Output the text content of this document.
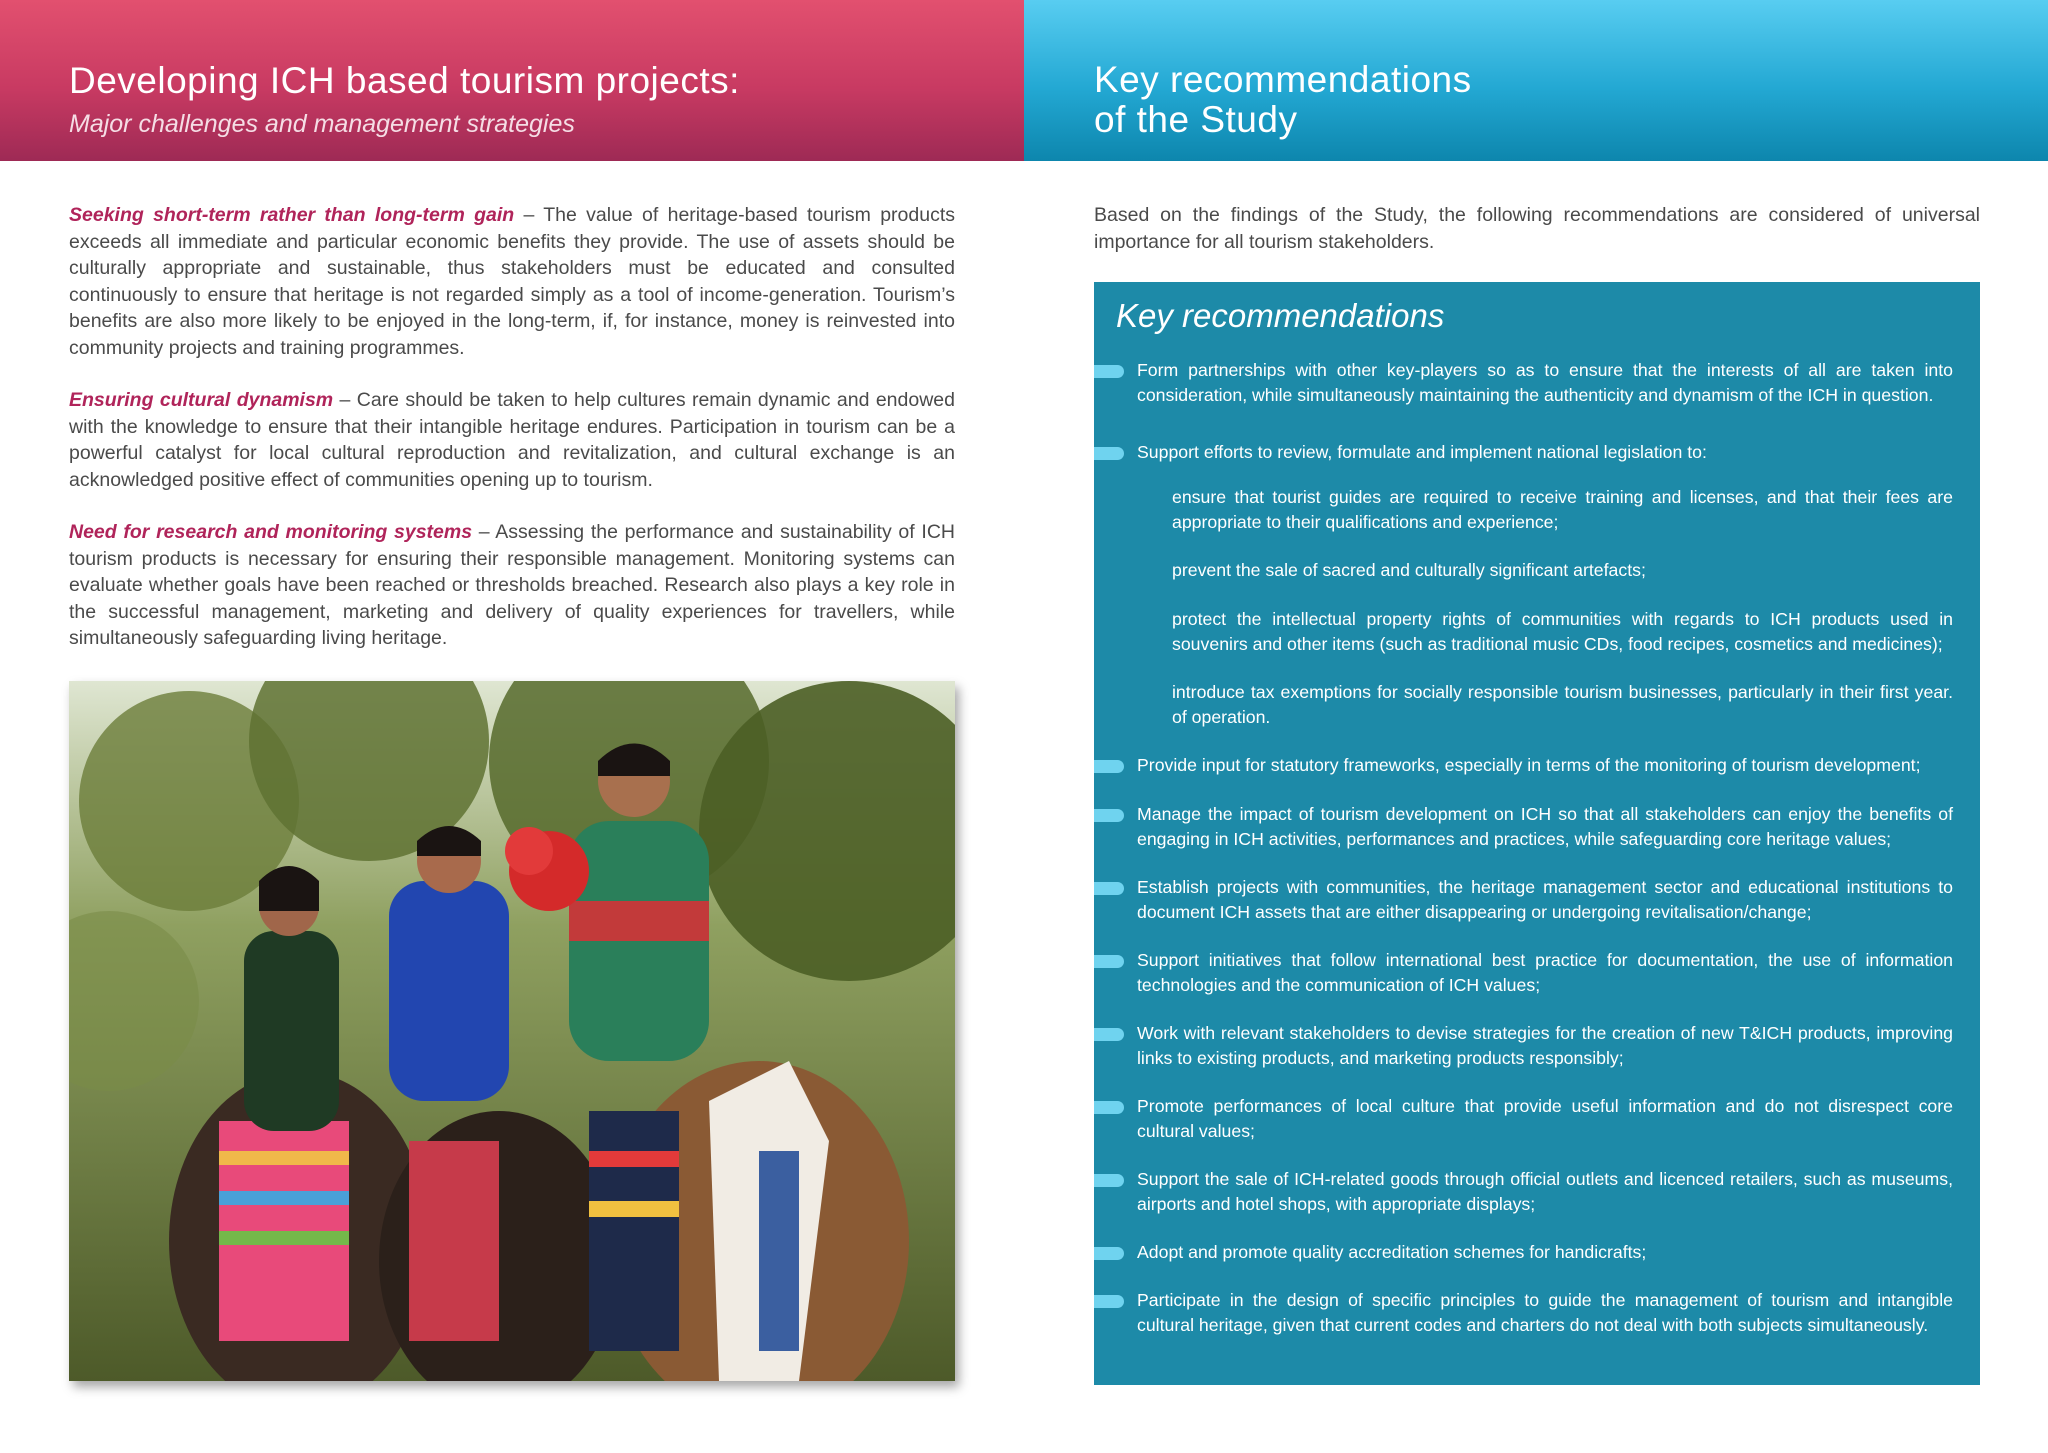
Developing ICH based tourism projects:
Major challenges and management strategies
Key recommendations
of the Study

Seeking short-term rather than long-term gain – The value of heritage-based tourism products exceeds all immediate and particular economic benefits they provide. The use of assets should be culturally appropriate and sustainable, thus stakeholders must be educated and consulted continuously to ensure that heritage is not regarded simply as a tool of income-generation. Tourism’s benefits are also more likely to be enjoyed in the long-term, if, for instance, money is reinvested into community projects and training programmes.

Ensuring cultural dynamism – Care should be taken to help cultures remain dynamic and endowed with the knowledge to ensure that their intangible heritage endures. Participation in tourism can be a powerful catalyst for local cultural reproduction and revitalization, and cultural exchange is an acknowledged positive effect of communities opening up to tourism.

Need for research and monitoring systems – Assessing the performance and sustainability of ICH tourism products is necessary for ensuring their responsible management. Monitoring systems can evaluate whether goals have been reached or thresholds breached. Research also plays a key role in the successful management, marketing and delivery of quality experiences for travellers, while simultaneously safeguarding living heritage.

Based on the findings of the Study, the following recommendations are considered of universal importance for all tourism stakeholders.
Key recommendations
Form partnerships with other key-players so as to ensure that the interests of all are taken into consideration, while simultaneously maintaining the authenticity and dynamism of the ICH in question.
Support efforts to review, formulate and implement national legislation to:
ensure that tourist guides are required to receive training and licenses, and that their fees are appropriate to their qualifications and experience;
prevent the sale of sacred and culturally significant artefacts;
protect the intellectual property rights of communities with regards to ICH products used in souvenirs and other items (such as traditional music CDs, food recipes, cosmetics and medicines);
introduce tax exemptions for socially responsible tourism businesses, particularly in their first year. of operation.
Provide input for statutory frameworks, especially in terms of the monitoring of tourism development;
Manage the impact of tourism development on ICH so that all stakeholders can enjoy the benefits of engaging in ICH activities, performances and practices, while safeguarding core heritage values;
Establish projects with communities, the heritage management sector and educational institutions to document ICH assets that are either disappearing or undergoing revitalisation/change;
Support initiatives that follow international best practice for documentation, the use of information technologies and the communication of ICH values;
Work with relevant stakeholders to devise strategies for the creation of new T&ICH products, improving links to existing products, and marketing products responsibly;
Promote performances of local culture that provide useful information and do not disrespect core cultural values;
Support the sale of ICH-related goods through official outlets and licenced retailers, such as museums, airports and hotel shops, with appropriate displays;
Adopt and promote quality accreditation schemes for handicrafts;
Participate in the design of specific principles to guide the management of tourism and intangible cultural heritage, given that current codes and charters do not deal with both subjects simultaneously.
